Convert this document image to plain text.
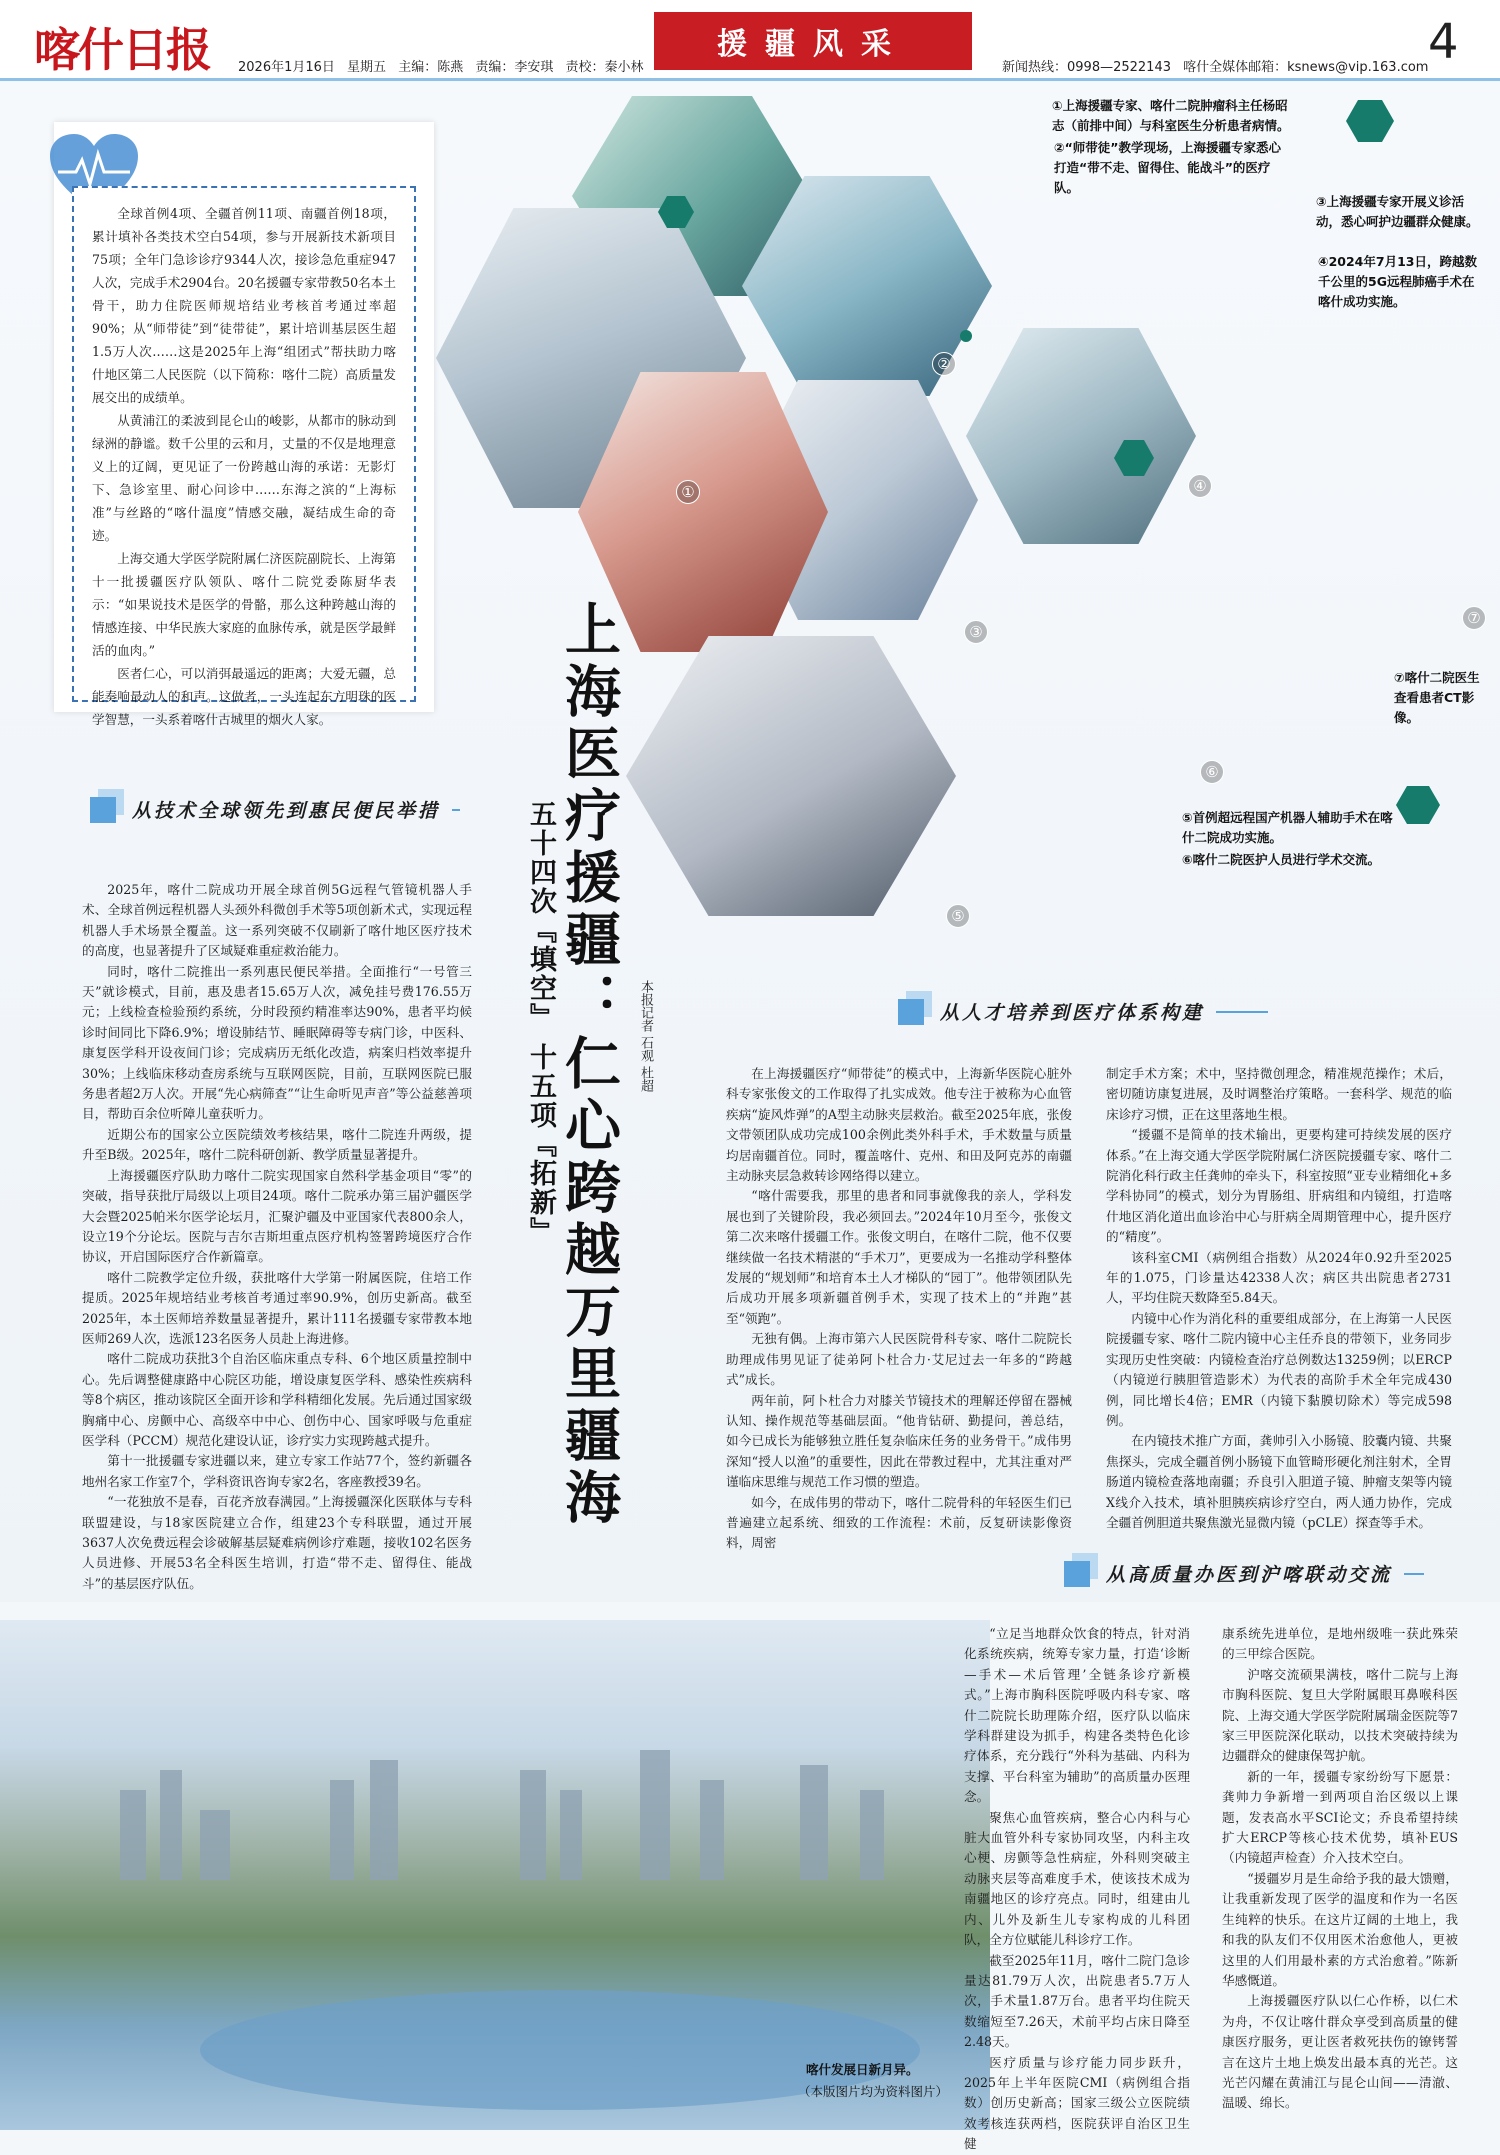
喀什日报 2026年1月16日 星期五 主编：陈燕 责编：李安琪 责校：秦小林
援疆风采
新闻热线：0998—2522143 喀什全媒体邮箱：ksnews@vip.163.com 4

全球首例4项、全疆首例11项、南疆首例18项，累计填补各类技术空白54项，参与开展新技术新项目75项；全年门急诊诊疗9344人次，接诊急危重症947人次，完成手术2904台。20名援疆专家带教50名本土骨干，助力住院医师规培结业考核首考通过率超90%；从“师带徒”到“徒带徒”，累计培训基层医生超1.5万人次……这是2025年上海“组团式”帮扶助力喀什地区第二人民医院（以下简称：喀什二院）高质量发展交出的成绩单。

从黄浦江的柔波到昆仑山的峻影，从都市的脉动到绿洲的静谧。数千公里的云和月，丈量的不仅是地理意义上的辽阔，更见证了一份跨越山海的承诺：无影灯下、急诊室里、耐心问诊中……东海之滨的“上海标准”与丝路的“喀什温度”情感交融，凝结成生命的奇迹。

上海交通大学医学院附属仁济医院副院长、上海第十一批援疆医疗队领队、喀什二院党委陈厨华表示：“如果说技术是医学的骨骼，那么这种跨越山海的情感连接、中华民族大家庭的血脉传承，就是医学最鲜活的血肉。”

医者仁心，可以消弭最遥远的距离；大爱无疆，总能奏响最动人的和声。这做者，一头连起东方明珠的医学智慧，一头系着喀什古城里的烟火人家。	上海医疗援疆：仁心跨越万里疆海
五十四次『填空』 十五项『拓新』	本报记者 石观 杜超
①
②
③
④
⑤
⑥
⑦
①上海援疆专家、喀什二院肿瘤科主任杨昭志（前排中间）与科室医生分析患者病情。
②“师带徒”教学现场，上海援疆专家悉心打造“带不走、留得住、能战斗”的医疗队。
③上海援疆专家开展义诊活动，悉心呵护边疆群众健康。
④2024年7月13日，跨越数千公里的5G远程肺癌手术在喀什成功实施。
⑦喀什二院医生查看患者CT影像。
⑤首例超远程国产机器人辅助手术在喀什二院成功实施。
⑥喀什二院医护人员进行学术交流。
从技术全球领先到惠民便民举措

2025年，喀什二院成功开展全球首例5G远程气管镜机器人手术、全球首例远程机器人头颈外科微创手术等5项创新术式，实现远程机器人手术场景全覆盖。这一系列突破不仅刷新了喀什地区医疗技术的高度，也显著提升了区域疑难重症救治能力。

同时，喀什二院推出一系列惠民便民举措。全面推行“一号管三天”就诊模式，目前，惠及患者15.65万人次，减免挂号费176.55万元；上线检查检验预约系统，分时段预约精准率达90%，患者平均候诊时间同比下降6.9%；增设肺结节、睡眠障碍等专病门诊，中医科、康复医学科开设夜间门诊；完成病历无纸化改造，病案归档效率提升30%；上线临床移动查房系统与互联网医院，目前，互联网医院已服务患者超2万人次。开展“先心病筛查”“让生命听见声音”等公益慈善项目，帮助百余位听障儿童获听力。

近期公布的国家公立医院绩效考核结果，喀什二院连升两级，提升至B级。2025年，喀什二院科研创新、教学质量显著提升。

上海援疆医疗队助力喀什二院实现国家自然科学基金项目“零”的突破，指导获批厅局级以上项目24项。喀什二院承办第三届沪疆医学大会暨2025帕米尔医学论坛月，汇聚沪疆及中亚国家代表800余人，设立19个分论坛。医院与吉尔吉斯坦重点医疗机构签署跨境医疗合作协议，开启国际医疗合作新篇章。

喀什二院教学定位升级，获批喀什大学第一附属医院，住培工作提质。2025年规培结业考核首考通过率90.9%，创历史新高。截至2025年，本土医师培养数量显著提升，累计111名援疆专家带教本地医师269人次，选派123名医务人员赴上海进修。

喀什二院成功获批3个自治区临床重点专科、6个地区质量控制中心。先后调整健康路中心院区功能，增设康复医学科、感染性疾病科等8个病区，推动该院区全面开诊和学科精细化发展。先后通过国家级胸痛中心、房颤中心、高级卒中中心、创伤中心、国家呼吸与危重症医学科（PCCM）规范化建设认证，诊疗实力实现跨越式提升。

第十一批援疆专家进疆以来，建立专家工作站77个，签约新疆各地州名家工作室7个，学科资讯咨询专家2名，客座教授39名。

“一花独放不是春，百花齐放春满园。”上海援疆深化医联体与专科联盟建设，与18家医院建立合作，组建23个专科联盟，通过开展3637人次免费远程会诊破解基层疑难病例诊疗难题，接收102名医务人员进修、开展53名全科医生培训，打造“带不走、留得住、能战斗”的基层医疗队伍。

从人才培养到医疗体系构建

在上海援疆医疗“师带徒”的模式中，上海新华医院心脏外科专家张俊文的工作取得了扎实成效。他专注于被称为心血管疾病“旋风炸弹”的A型主动脉夹层救治。截至2025年底，张俊文带领团队成功完成100余例此类外科手术，手术数量与质量均居南疆首位。同时，覆盖喀什、克州、和田及阿克苏的南疆主动脉夹层急救转诊网络得以建立。

“喀什需要我，那里的患者和同事就像我的亲人，学科发展也到了关键阶段，我必须回去。”2024年10月至今，张俊文第二次来喀什援疆工作。张俊文明白，在喀什二院，他不仅要继续做一名技术精湛的“手术刀”，更要成为一名推动学科整体发展的“规划师”和培育本土人才梯队的“园丁”。他带领团队先后成功开展多项新疆首例手术，实现了技术上的“并跑”甚至“领跑”。

无独有偶。上海市第六人民医院骨科专家、喀什二院院长助理成伟男见证了徒弟阿卜杜合力·艾尼过去一年多的“跨越式”成长。

两年前，阿卜杜合力对膝关节镜技术的理解还停留在器械认知、操作规范等基础层面。“他肯钻研、勤提问，善总结，如今已成长为能够独立胜任复杂临床任务的业务骨干。”成伟男深知“授人以渔”的重要性，因此在带教过程中，尤其注重对严谨临床思维与规范工作习惯的塑造。

如今，在成伟男的带动下，喀什二院骨科的年轻医生们已普遍建立起系统、细致的工作流程：术前，反复研读影像资料，周密

制定手术方案；术中，坚持微创理念，精准规范操作；术后，密切随访康复进展，及时调整治疗策略。一套科学、规范的临床诊疗习惯，正在这里落地生根。

“援疆不是简单的技术输出，更要构建可持续发展的医疗体系。”在上海交通大学医学院附属仁济医院援疆专家、喀什二院消化科行政主任龚帅的牵头下，科室按照“亚专业精细化+多学科协同”的模式，划分为胃肠组、肝病组和内镜组，打造喀什地区消化道出血诊治中心与肝病全周期管理中心，提升医疗的“精度”。

该科室CMI（病例组合指数）从2024年0.92升至2025年的1.075，门诊量达42338人次；病区共出院患者2731人，平均住院天数降至5.84天。

内镜中心作为消化科的重要组成部分，在上海第一人民医院援疆专家、喀什二院内镜中心主任乔良的带领下，业务同步实现历史性突破：内镜检查治疗总例数达13259例；以ERCP（内镜逆行胰胆管造影术）为代表的高阶手术全年完成430例，同比增长4倍；EMR（内镜下黏膜切除术）等完成598例。

在内镜技术推广方面，龚帅引入小肠镜、胶囊内镜、共聚焦探头，完成全疆首例小肠镜下血管畸形硬化剂注射术，全胃肠道内镜检查落地南疆；乔良引入胆道子镜、肿瘤支架等内镜X线介入技术，填补胆胰疾病诊疗空白，两人通力协作，完成全疆首例胆道共聚焦激光显微内镜（pCLE）探查等手术。

喀什发展日新月异。
（本版图片均为资料图片）
从高质量办医到沪喀联动交流

“立足当地群众饮食的特点，针对消化系统疾病，统筹专家力量，打造‘诊断—手术—术后管理’全链条诊疗新模式。”上海市胸科医院呼吸内科专家、喀什二院院长助理陈介绍，医疗队以临床学科群建设为抓手，构建各类特色化诊疗体系，充分践行“外科为基础、内科为支撑、平台科室为辅助”的高质量办医理念。

聚焦心血管疾病，整合心内科与心脏大血管外科专家协同攻坚，内科主攻心梗、房颤等急性病症，外科则突破主动脉夹层等高难度手术，使该技术成为南疆地区的诊疗亮点。同时，组建由儿内、儿外及新生儿专家构成的儿科团队，全方位赋能儿科诊疗工作。

截至2025年11月，喀什二院门急诊量达81.79万人次，出院患者5.7万人次，手术量1.87万台。患者平均住院天数缩短至7.26天，术前平均占床日降至2.48天。

医疗质量与诊疗能力同步跃升，2025年上半年医院CMI（病例组合指数）创历史新高；国家三级公立医院绩效考核连获两档，医院获评自治区卫生健

康系统先进单位，是地州级唯一获此殊荣的三甲综合医院。

沪喀交流硕果满枝，喀什二院与上海市胸科医院、复旦大学附属眼耳鼻喉科医院、上海交通大学医学院附属瑞金医院等7家三甲医院深化联动，以技术突破持续为边疆群众的健康保驾护航。

新的一年，援疆专家纷纷写下愿景：龚帅力争新增一到两项自治区级以上课题，发表高水平SCI论文；乔良希望持续扩大ERCP等核心技术优势，填补EUS（内镜超声检查）介入技术空白。

“援疆岁月是生命给予我的最大馈赠，让我重新发现了医学的温度和作为一名医生纯粹的快乐。在这片辽阔的土地上，我和我的队友们不仅用医术治愈他人，更被这里的人们用最朴素的方式治愈着。”陈新华感慨道。

上海援疆医疗队以仁心作桥，以仁术为舟，不仅让喀什群众享受到高质量的健康医疗服务，更让医者救死扶伤的镣铐誓言在这片土地上焕发出最本真的光芒。这光芒闪耀在黄浦江与昆仑山间——清澈、温暖、绵长。
